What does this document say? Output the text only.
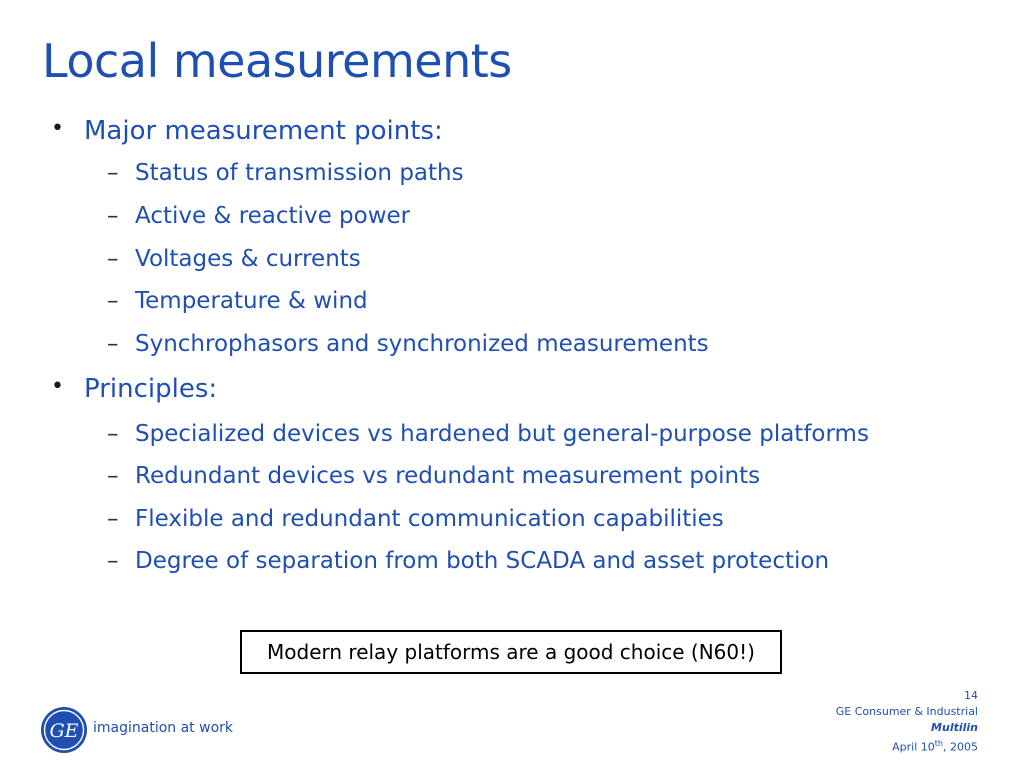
Local measurements
• Major measurement points:
– Status of transmission paths
– Active & reactive power
– Voltages & currents
– Temperature & wind
– Synchrophasors and synchronized measurements
• Principles:
– Specialized devices vs hardened but general-purpose platforms
– Redundant devices vs redundant measurement points
– Flexible and redundant communication capabilities
– Degree of separation from both SCADA and asset protection
Modern relay platforms are a good choice (N60!)
GE imagination at work
14
GE Consumer & Industrial
Multilin
April 10th, 2005
